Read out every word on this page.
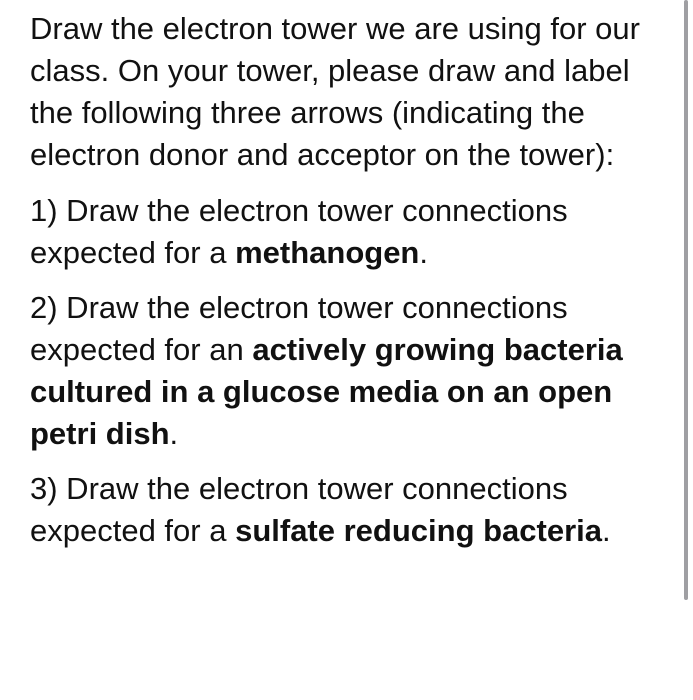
Draw the electron tower we are using for our class. On your tower, please draw and label the following three arrows (indicating the electron donor and acceptor on the tower):

1) Draw the electron tower connections expected for a methanogen.

2) Draw the electron tower connections expected for an actively growing bacteria cultured in a glucose media on an open petri dish.

3) Draw the electron tower connections expected for a sulfate reducing bacteria.
